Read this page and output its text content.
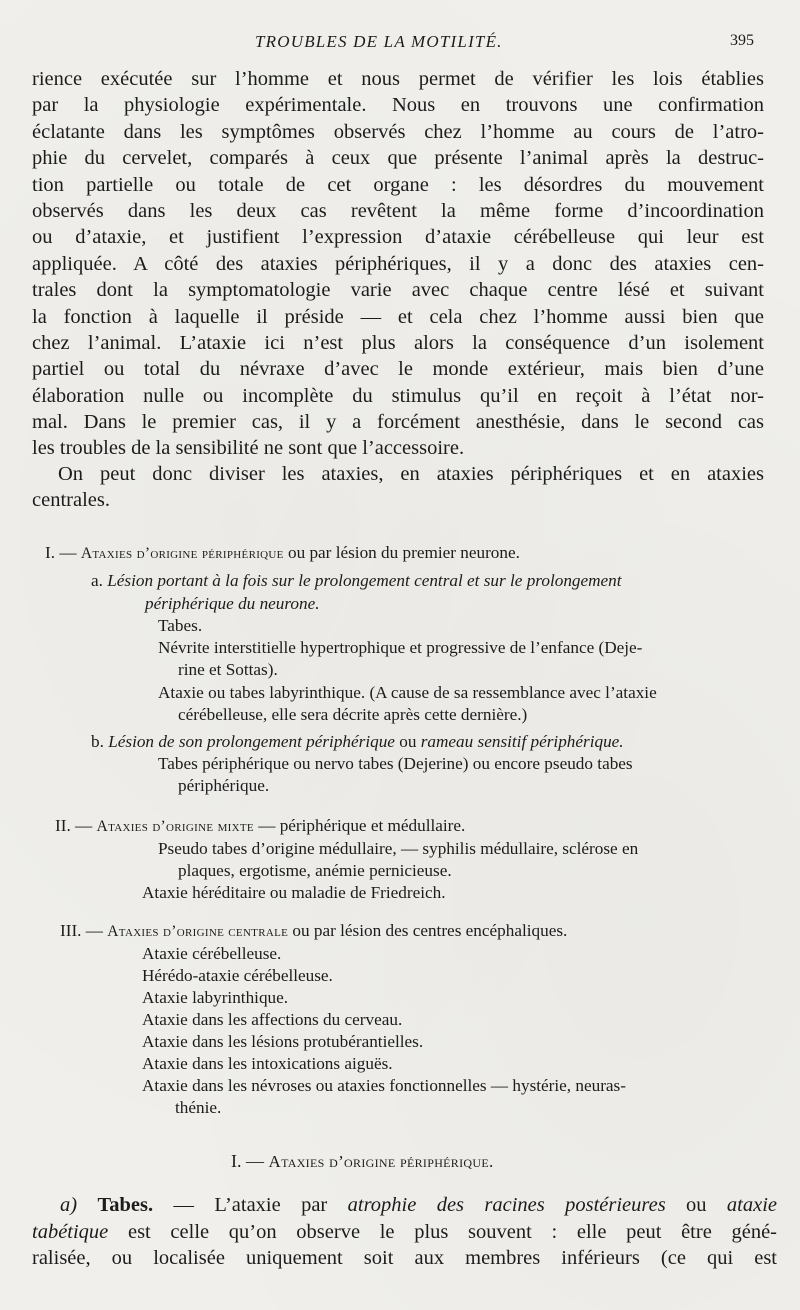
TROUBLES DE LA MOTILITÉ.	395
rience exécutée sur l’homme et nous permet de vérifier les lois établies
par la physiologie expérimentale. Nous en trouvons une confirmation
éclatante dans les symptômes observés chez l’homme au cours de l’atro-
phie du cervelet, comparés à ceux que présente l’animal après la destruc-
tion partielle ou totale de cet organe : les désordres du mouvement
observés dans les deux cas revêtent la même forme d’incoordination
ou d’ataxie, et justifient l’expression d’ataxie cérébelleuse qui leur est
appliquée. A côté des ataxies périphériques, il y a donc des ataxies cen-
trales dont la symptomatologie varie avec chaque centre lésé et suivant
la fonction à laquelle il préside — et cela chez l’homme aussi bien que
chez l’animal. L’ataxie ici n’est plus alors la conséquence d’un isolement
partiel ou total du névraxe d’avec le monde extérieur, mais bien d’une
élaboration nulle ou incomplète du stimulus qu’il en reçoit à l’état nor-
mal. Dans le premier cas, il y a forcément anesthésie, dans le second cas
les troubles de la sensibilité ne sont que l’accessoire.
On peut donc diviser les ataxies, en ataxies périphériques et en ataxies
centrales.
I. — Ataxies d’origine périphérique ou par lésion du premier neurone.
a. Lésion portant à la fois sur le prolongement central et sur le prolongement
périphérique du neurone.
Tabes.
Névrite interstitielle hypertrophique et progressive de l’enfance (Deje-
rine et Sottas).
Ataxie ou tabes labyrinthique. (A cause de sa ressemblance avec l’ataxie
cérébelleuse, elle sera décrite après cette dernière.)
b. Lésion de son prolongement périphérique ou rameau sensitif périphérique.
Tabes périphérique ou nervo tabes (Dejerine) ou encore pseudo tabes
périphérique.
II. — Ataxies d’origine mixte — périphérique et médullaire.
Pseudo tabes d’origine médullaire, — syphilis médullaire, sclérose en
plaques, ergotisme, anémie pernicieuse.
Ataxie héréditaire ou maladie de Friedreich.
III. — Ataxies d’origine centrale ou par lésion des centres encéphaliques.
Ataxie cérébelleuse.
Hérédo-ataxie cérébelleuse.
Ataxie labyrinthique.
Ataxie dans les affections du cerveau.
Ataxie dans les lésions protubérantielles.
Ataxie dans les intoxications aiguës.
Ataxie dans les névroses ou ataxies fonctionnelles — hystérie, neuras-
thénie.
I. — Ataxies d’origine périphérique.
a) Tabes. — L’ataxie par atrophie des racines postérieures ou ataxie
tabétique est celle qu’on observe le plus souvent : elle peut être géné-
ralisée, ou localisée uniquement soit aux membres inférieurs (ce qui est
